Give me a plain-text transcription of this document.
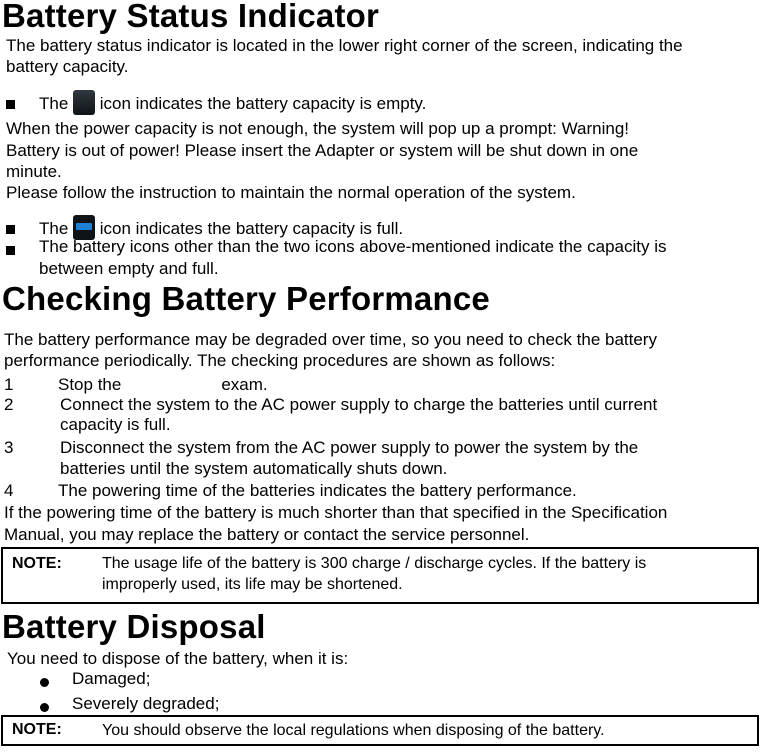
Battery Status Indicator
The battery status indicator is located in the lower right corner of the screen, indicating the
battery capacity.
The icon indicates the battery capacity is empty.
When the power capacity is not enough, the system will pop up a prompt: Warning!
Battery is out of power! Please insert the Adapter or system will be shut down in one
minute.
Please follow the instruction to maintain the normal operation of the system.
The icon indicates the battery capacity is full.
The battery icons other than the two icons above-mentioned indicate the capacity is
between empty and full.
Checking Battery Performance
The battery performance may be degraded over time, so you need to check the battery
performance periodically. The checking procedures are shown as follows:
1	Stop the	exam.
2	Connect the system to the AC power supply to charge the batteries until current
capacity is full.
3	Disconnect the system from the AC power supply to power the system by the
batteries until the system automatically shuts down.
4	The powering time of the batteries indicates the battery performance.
If the powering time of the battery is much shorter than that specified in the Specification
Manual, you may replace the battery or contact the service personnel.
NOTE:	The usage life of the battery is 300 charge / discharge cycles. If the battery is
improperly used, its life may be shortened.
Battery Disposal
You need to dispose of the battery, when it is:
Damaged;
Severely degraded;
NOTE:	You should observe the local regulations when disposing of the battery.
